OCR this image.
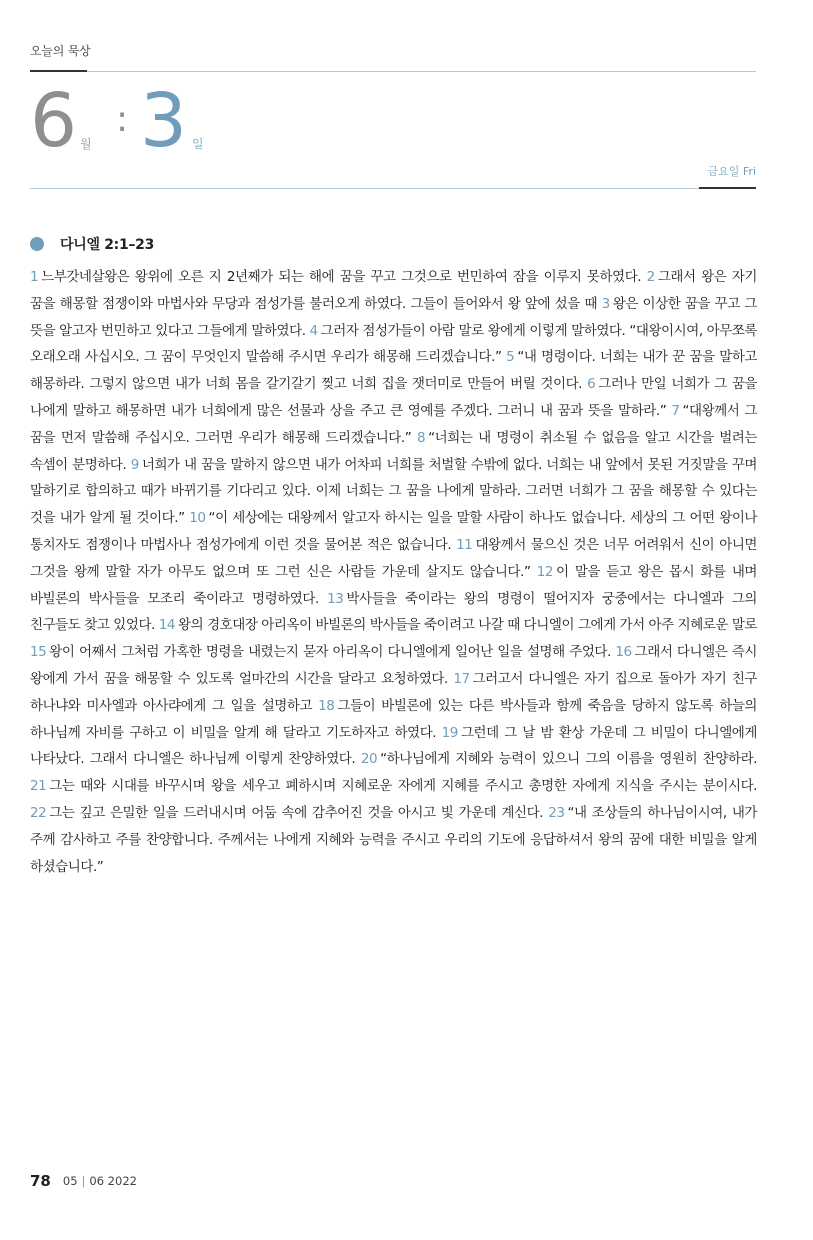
오늘의 묵상
6 월
: 3 일
금요일 Fri
다니엘 2:1–23
1 느부갓네살왕은 왕위에 오른 지 2년째가 되는 해에 꿈을 꾸고 그것으로 번민하여 잠을 이루지 못하였다. 2 그래서 왕은 자기 꿈을 해몽할 점쟁이와 마법사와 무당과 점성가를 불러오게 하였다. 그들이 들어와서 왕 앞에 섰을 때 3 왕은 이상한 꿈을 꾸고 그 뜻을 알고자 번민하고 있다고 그들에게 말하였다. 4 그러자 점성가들이 아람 말로 왕에게 이렇게 말하였다. “대왕이시여, 아무쪼록 오래오래 사십시오. 그 꿈이 무엇인지 말씀해 주시면 우리가 해몽해 드리겠습니다.” 5 “내 명령이다. 너희는 내가 꾼 꿈을 말하고 해몽하라. 그렇지 않으면 내가 너희 몸을 갈기갈기 찢고 너희 집을 잿더미로 만들어 버릴 것이다. 6 그러나 만일 너희가 그 꿈을 나에게 말하고 해몽하면 내가 너희에게 많은 선물과 상을 주고 큰 영예를 주겠다. 그러니 내 꿈과 뜻을 말하라.” 7 “대왕께서 그 꿈을 먼저 말씀해 주십시오. 그러면 우리가 해몽해 드리겠습니다.” 8 “너희는 내 명령이 취소될 수 없음을 알고 시간을 벌려는 속셈이 분명하다. 9 너희가 내 꿈을 말하지 않으면 내가 어차피 너희를 처벌할 수밖에 없다. 너희는 내 앞에서 못된 거짓말을 꾸며 말하기로 합의하고 때가 바뀌기를 기다리고 있다. 이제 너희는 그 꿈을 나에게 말하라. 그러면 너희가 그 꿈을 해몽할 수 있다는 것을 내가 알게 될 것이다.” 10 “이 세상에는 대왕께서 알고자 하시는 일을 말할 사람이 하나도 없습니다. 세상의 그 어떤 왕이나 통치자도 점쟁이나 마법사나 점성가에게 이런 것을 물어본 적은 없습니다. 11 대왕께서 물으신 것은 너무 어려워서 신이 아니면 그것을 왕께 말할 자가 아무도 없으며 또 그런 신은 사람들 가운데 살지도 않습니다.” 12 이 말을 듣고 왕은 몹시 화를 내며 바빌론의 박사들을 모조리 죽이라고 명령하였다. 13 박사들을 죽이라는 왕의 명령이 떨어지자 궁중에서는 다니엘과 그의 친구들도 찾고 있었다. 14 왕의 경호대장 아리옥이 바빌론의 박사들을 죽이려고 나갈 때 다니엘이 그에게 가서 아주 지혜로운 말로 15 왕이 어째서 그처럼 가혹한 명령을 내렸는지 묻자 아리옥이 다니엘에게 일어난 일을 설명해 주었다. 16 그래서 다니엘은 즉시 왕에게 가서 꿈을 해몽할 수 있도록 얼마간의 시간을 달라고 요청하였다. 17 그러고서 다니엘은 자기 집으로 돌아가 자기 친구 하나냐와 미사엘과 아사랴에게 그 일을 설명하고 18 그들이 바빌론에 있는 다른 박사들과 함께 죽음을 당하지 않도록 하늘의 하나님께 자비를 구하고 이 비밀을 알게 해 달라고 기도하자고 하였다. 19 그런데 그 날 밤 환상 가운데 그 비밀이 다니엘에게 나타났다. 그래서 다니엘은 하나님께 이렇게 찬양하였다. 20 “하나님에게 지혜와 능력이 있으니 그의 이름을 영원히 찬양하라. 21 그는 때와 시대를 바꾸시며 왕을 세우고 폐하시며 지혜로운 자에게 지혜를 주시고 총명한 자에게 지식을 주시는 분이시다. 22 그는 깊고 은밀한 일을 드러내시며 어둠 속에 감추어진 것을 아시고 빛 가운데 계신다. 23 “내 조상들의 하나님이시여, 내가 주께 감사하고 주를 찬양합니다. 주께서는 나에게 지혜와 능력을 주시고 우리의 기도에 응답하셔서 왕의 꿈에 대한 비밀을 알게 하셨습니다.”
78 05 | 06 2022
